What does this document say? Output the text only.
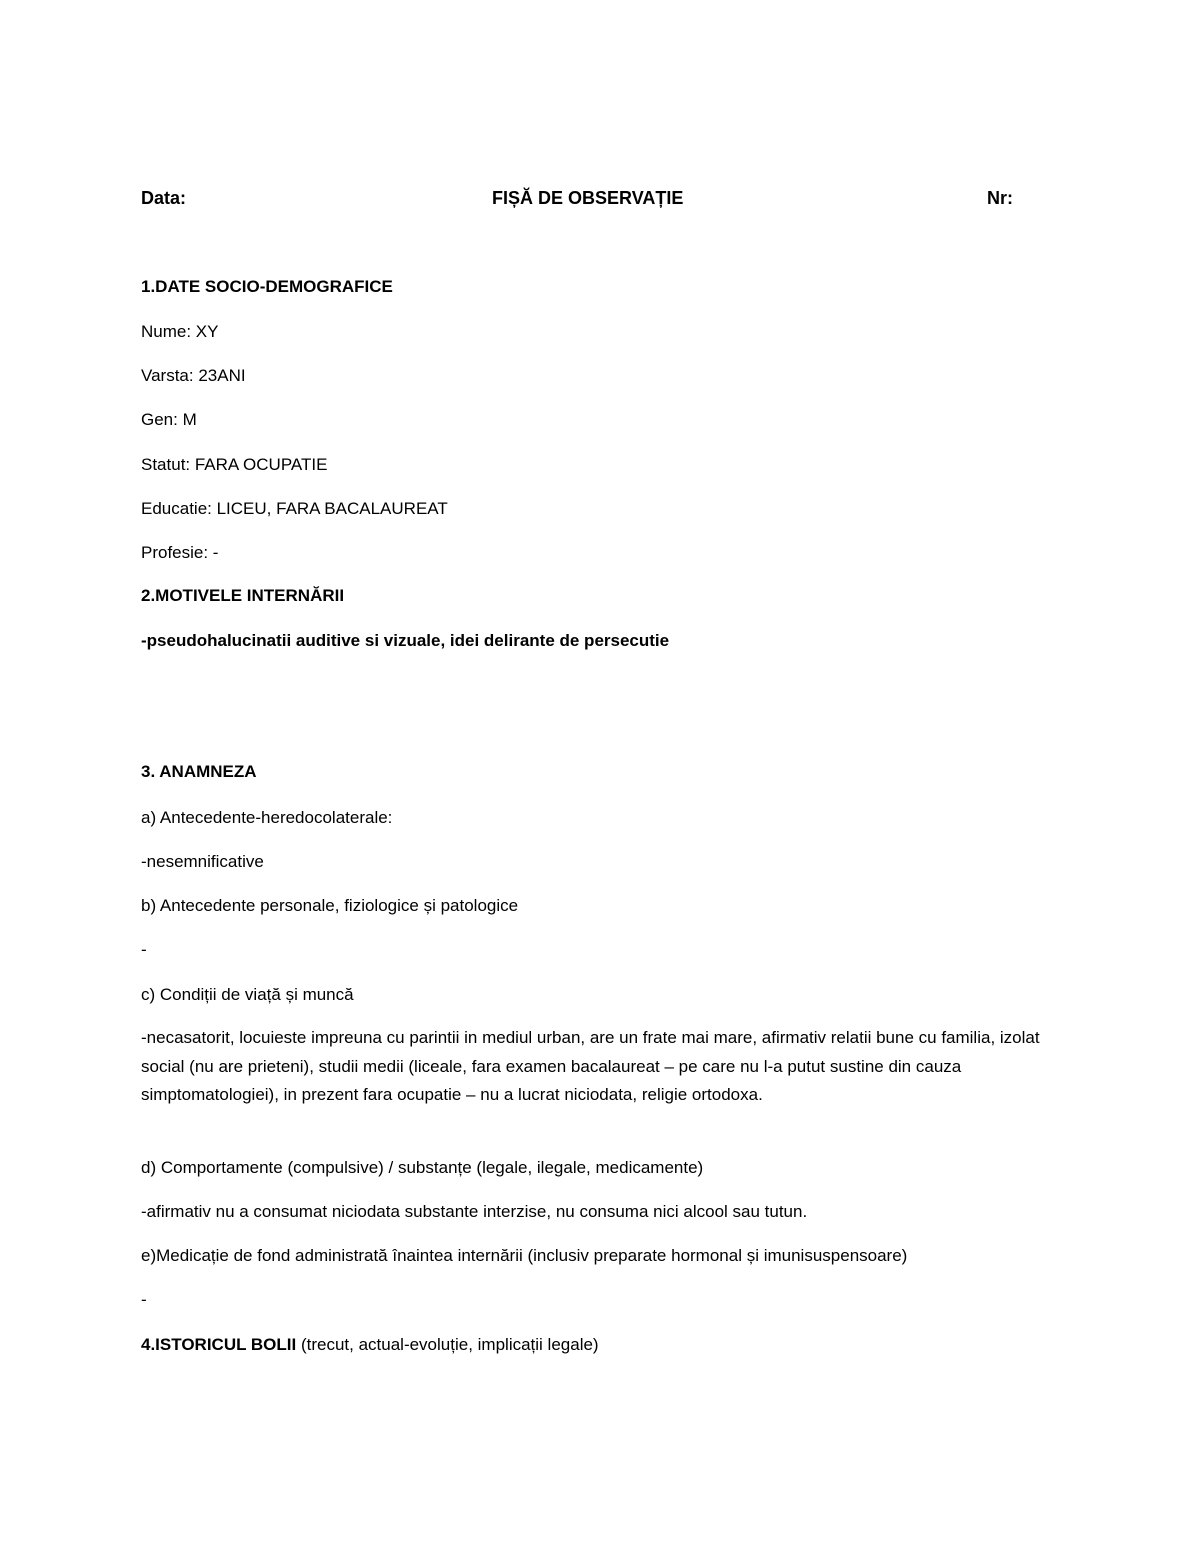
Data:	FIȘĂ DE OBSERVAȚIE	Nr:
1.DATE SOCIO-DEMOGRAFICE
Nume: XY
Varsta: 23ANI
Gen: M
Statut: FARA OCUPATIE
Educatie: LICEU, FARA BACALAUREAT
Profesie: -
2.MOTIVELE INTERNĂRII
-pseudohalucinatii auditive si vizuale, idei delirante de persecutie
3. ANAMNEZA
a) Antecedente-heredocolaterale:
-nesemnificative
b) Antecedente personale, fiziologice și patologice
-
c) Condiții de viață și muncă
-necasatorit, locuieste impreuna cu parintii in mediul urban, are un frate mai mare, afirmativ relatii bune cu familia, izolat social (nu are prieteni), studii medii (liceale, fara examen bacalaureat – pe care nu l-a putut sustine din cauza simptomatologiei), in prezent fara ocupatie – nu a lucrat niciodata, religie ortodoxa.
d) Comportamente (compulsive) / substanțe (legale, ilegale, medicamente)
-afirmativ nu a consumat niciodata substante interzise, nu consuma nici alcool sau tutun.
e)Medicație de fond administrată înaintea internării (inclusiv preparate hormonal și imunisuspensoare)
-
4.ISTORICUL BOLII (trecut, actual-evoluție, implicații legale)
